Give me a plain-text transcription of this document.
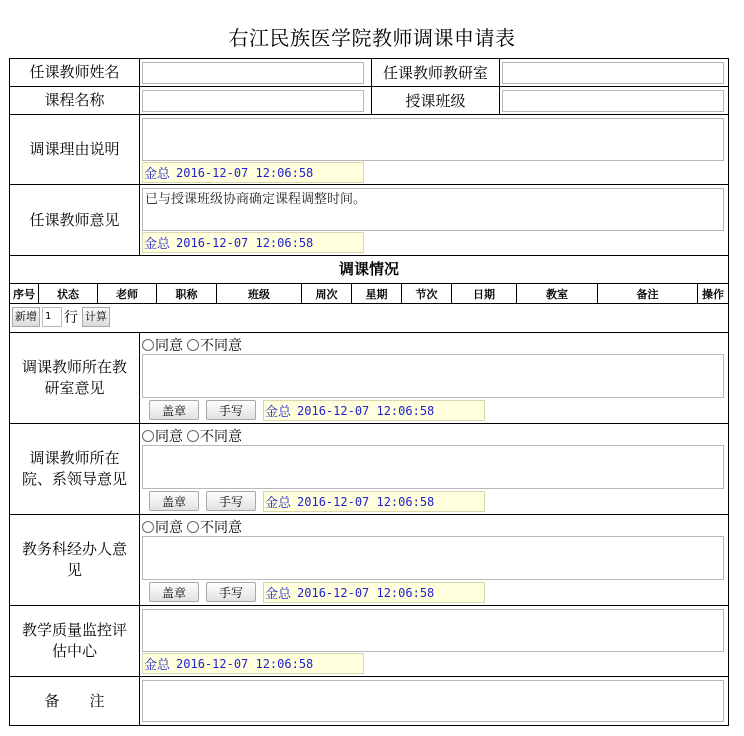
右江民族医学院教师调课申请表
任课教师姓名	任课教师教研室
课程名称	授课班级
调课理由说明
金总 2016-12-07 12:06:58
任课教师意见
已与授课班级协商确定课程调整时间。
金总 2016-12-07 12:06:58
调课情况
序号	状态	老师	职称	班级	周次	星期	节次	日期	教室	备注	操作
新增 1 行 计算
调课教师所在教研室意见
同意 不同意
盖章	手写	金总 2016-12-07 12:06:58
调课教师所在院、系领导意见
同意 不同意
盖章	手写	金总 2016-12-07 12:06:58
教务科经办人意见
同意 不同意
盖章	手写	金总 2016-12-07 12:06:58
教学质量监控评估中心
金总 2016-12-07 12:06:58
备　　注
